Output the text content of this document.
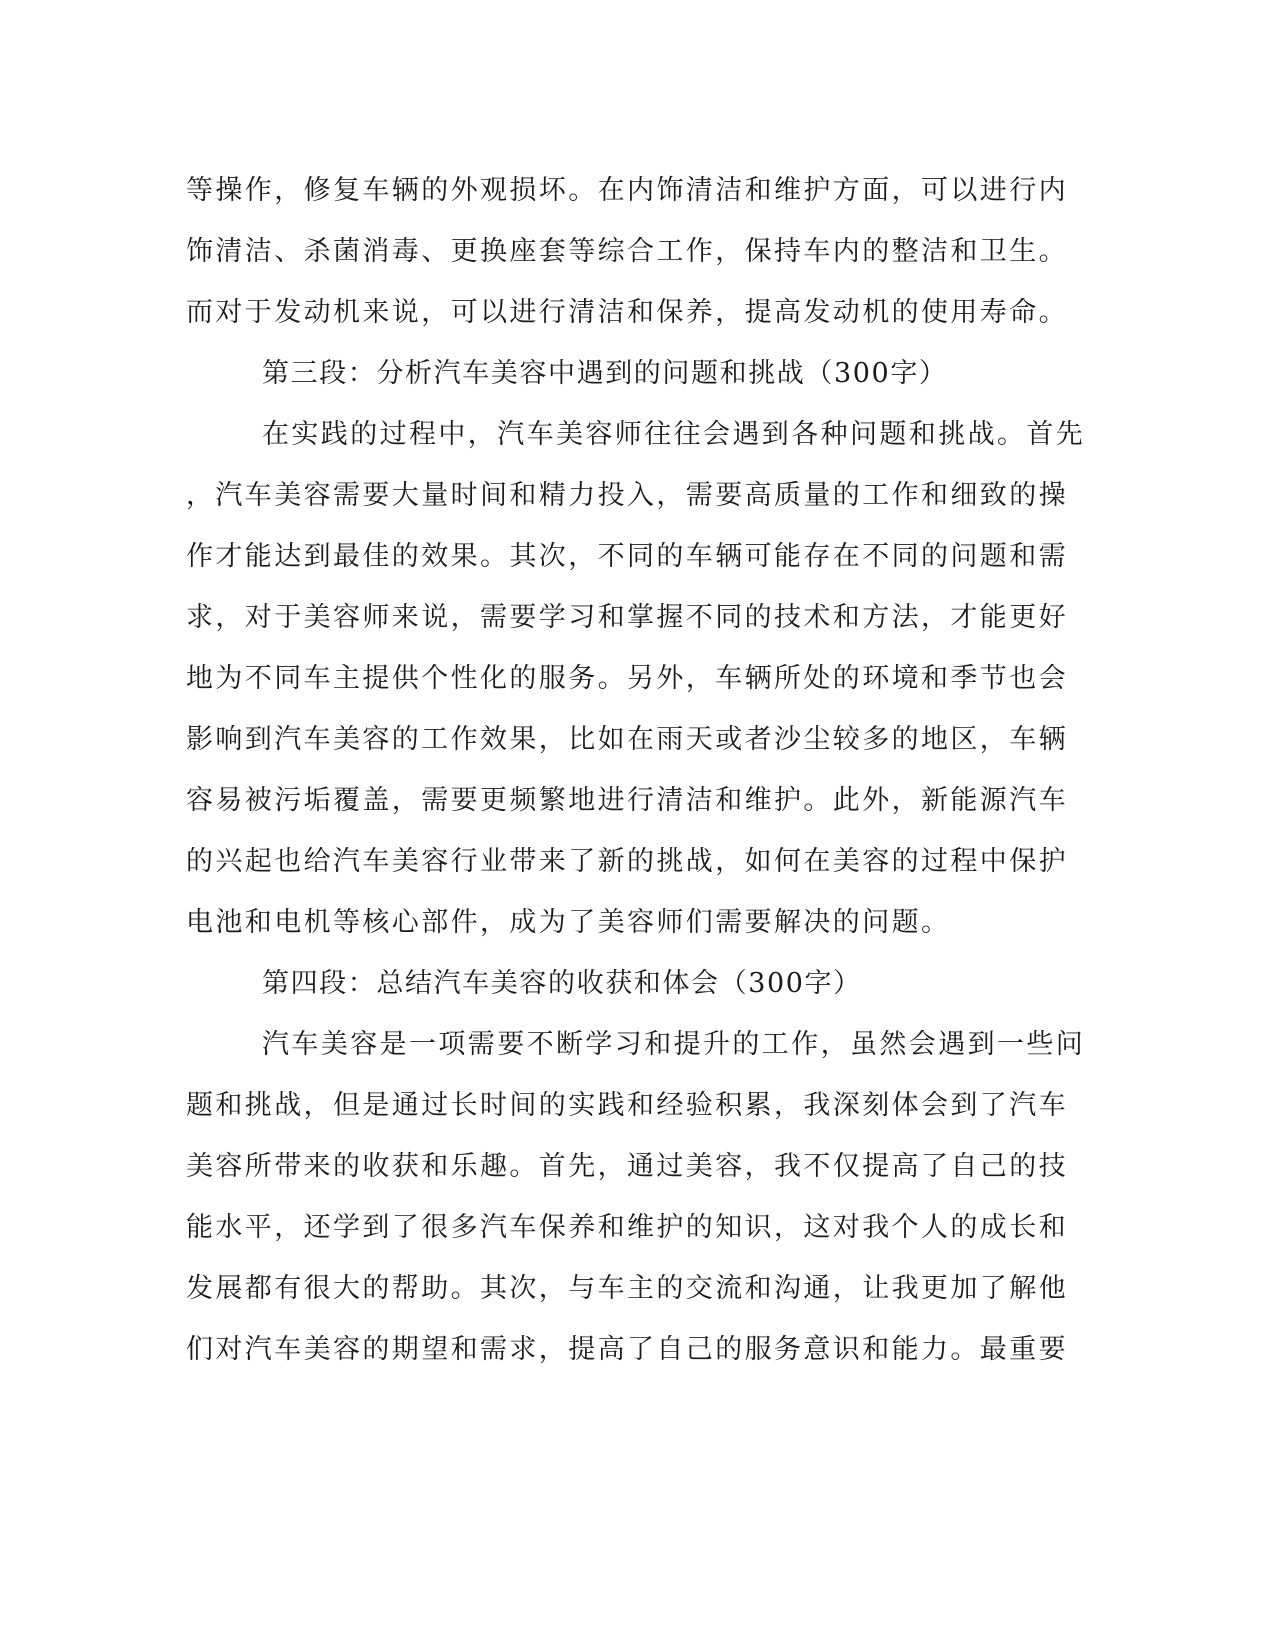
等操作，修复车辆的外观损坏。在内饰清洁和维护方面，可以进行内
饰清洁、杀菌消毒、更换座套等综合工作，保持车内的整洁和卫生。
而对于发动机来说，可以进行清洁和保养，提高发动机的使用寿命。
第三段：分析汽车美容中遇到的问题和挑战（300字）
在实践的过程中，汽车美容师往往会遇到各种问题和挑战。首先
，汽车美容需要大量时间和精力投入，需要高质量的工作和细致的操
作才能达到最佳的效果。其次，不同的车辆可能存在不同的问题和需
求，对于美容师来说，需要学习和掌握不同的技术和方法，才能更好
地为不同车主提供个性化的服务。另外，车辆所处的环境和季节也会
影响到汽车美容的工作效果，比如在雨天或者沙尘较多的地区，车辆
容易被污垢覆盖，需要更频繁地进行清洁和维护。此外，新能源汽车
的兴起也给汽车美容行业带来了新的挑战，如何在美容的过程中保护
电池和电机等核心部件，成为了美容师们需要解决的问题。
第四段：总结汽车美容的收获和体会（300字）
汽车美容是一项需要不断学习和提升的工作，虽然会遇到一些问
题和挑战，但是通过长时间的实践和经验积累，我深刻体会到了汽车
美容所带来的收获和乐趣。首先，通过美容，我不仅提高了自己的技
能水平，还学到了很多汽车保养和维护的知识，这对我个人的成长和
发展都有很大的帮助。其次，与车主的交流和沟通，让我更加了解他
们对汽车美容的期望和需求，提高了自己的服务意识和能力。最重要
